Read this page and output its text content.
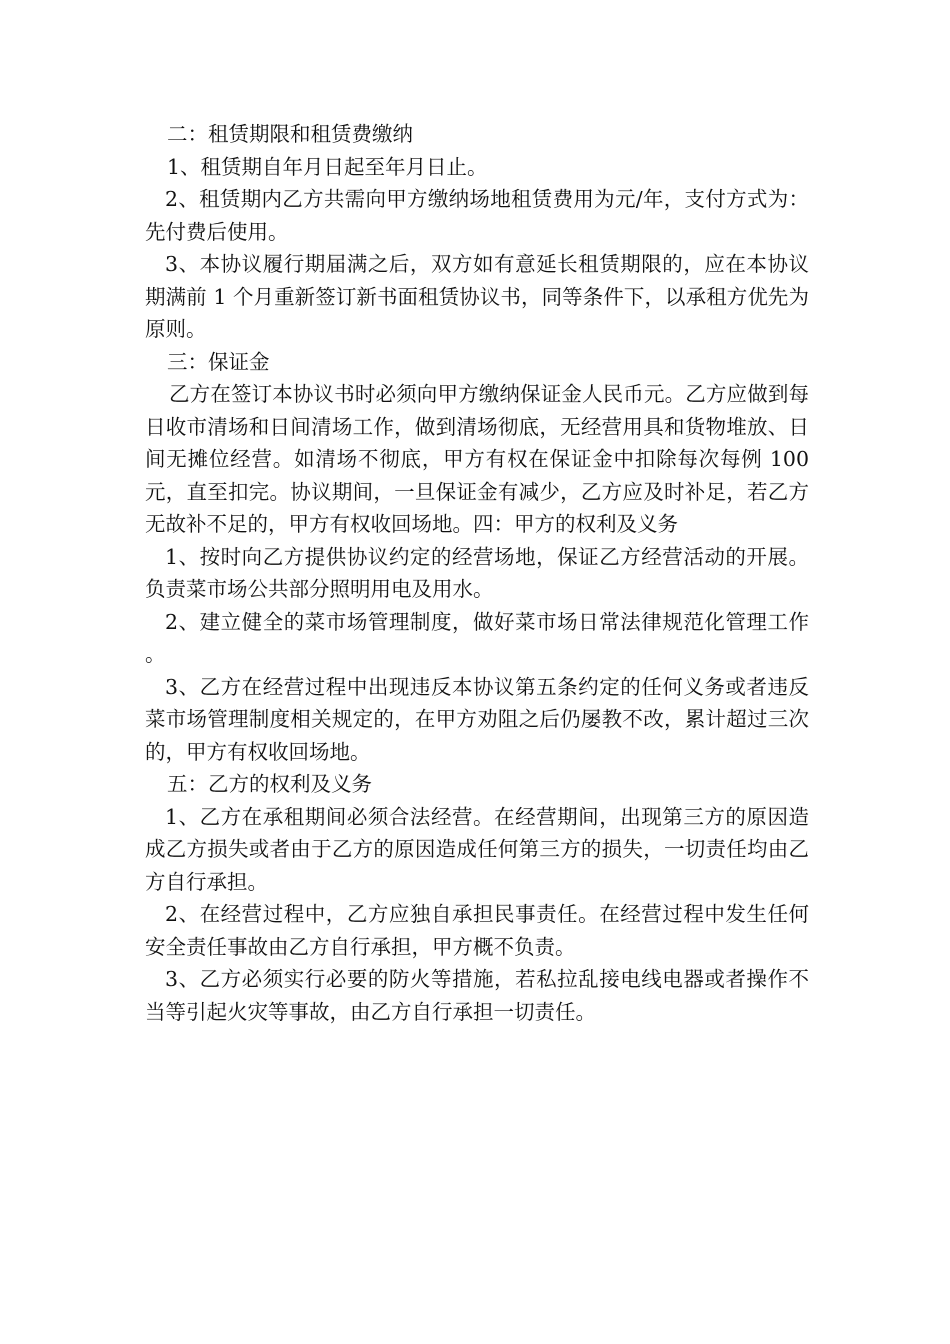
二：租赁期限和租赁费缴纳

1、租赁期自年月日起至年月日止。

2、租赁期内乙方共需向甲方缴纳场地租赁费用为元/年，支付方式为：先付费后使用。

3、本协议履行期届满之后，双方如有意延长租赁期限的，应在本协议期满前 1 个月重新签订新书面租赁协议书，同等条件下，以承租方优先为原则。

三：保证金

乙方在签订本协议书时必须向甲方缴纳保证金人民币元。乙方应做到每日收市清场和日间清场工作，做到清场彻底，无经营用具和货物堆放、日间无摊位经营。如清场不彻底，甲方有权在保证金中扣除每次每例 100 元，直至扣完。协议期间，一旦保证金有减少，乙方应及时补足，若乙方无故补不足的，甲方有权收回场地。四：甲方的权利及义务

1、按时向乙方提供协议约定的经营场地，保证乙方经营活动的开展。负责菜市场公共部分照明用电及用水。

2、建立健全的菜市场管理制度，做好菜市场日常法律规范化管理工作。

3、乙方在经营过程中出现违反本协议第五条约定的任何义务或者违反菜市场管理制度相关规定的，在甲方劝阻之后仍屡教不改，累计超过三次的，甲方有权收回场地。

五：乙方的权利及义务

1、乙方在承租期间必须合法经营。在经营期间，出现第三方的原因造成乙方损失或者由于乙方的原因造成任何第三方的损失，一切责任均由乙方自行承担。

2、在经营过程中，乙方应独自承担民事责任。在经营过程中发生任何安全责任事故由乙方自行承担，甲方概不负责。

3、乙方必须实行必要的防火等措施，若私拉乱接电线电器或者操作不当等引起火灾等事故，由乙方自行承担一切责任。
